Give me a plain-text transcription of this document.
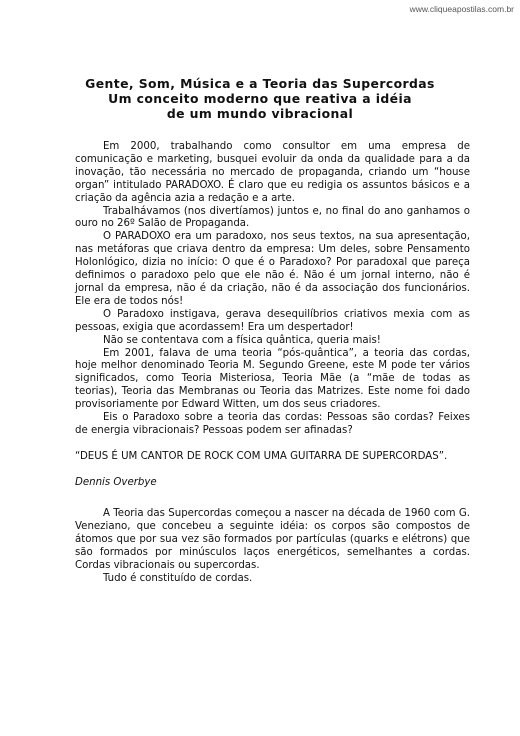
www.cliqueapostilas.com.br
Gente, Som, Música e a Teoria das Supercordas
Um conceito moderno que reativa a idéia
de um mundo vibracional

Em 2000, trabalhando como consultor em uma empresa de comunicação e marketing, busquei evoluir da onda da qualidade para a da inovação, tão necessária no mercado de propaganda, criando um “house organ” intitulado PARADOXO. É claro que eu redigia os assuntos básicos e a criação da agência azia a redação e a arte.

Trabalhávamos (nos divertíamos) juntos e, no final do ano ganhamos o ouro no 26º Salão de Propaganda.

O PARADOXO era um paradoxo, nos seus textos, na sua apresentação, nas metáforas que criava dentro da empresa: Um deles, sobre Pensamento Holonlógico, dizia no início: O que é o Paradoxo? Por paradoxal que pareça definimos o paradoxo pelo que ele não é. Não é um jornal interno, não é jornal da empresa, não é da criação, não é da associação dos funcionários. Ele era de todos nós!

O Paradoxo instigava, gerava desequilíbrios criativos mexia com as pessoas, exigia que acordassem! Era um despertador!

Não se contentava com a física quântica, queria mais!

Em 2001, falava de uma teoria “pós-quântica”, a teoria das cordas, hoje melhor denominado Teoria M. Segundo Greene, este M pode ter vários significados, como Teoria Misteriosa, Teoria Mãe (a “mãe de todas as teorias), Teoria das Membranas ou Teoria das Matrizes. Este nome foi dado provisoriamente por Edward Witten, um dos seus criadores.

Eis o Paradoxo sobre a teoria das cordas: Pessoas são cordas? Feixes de energia vibracionais? Pessoas podem ser afinadas?

“DEUS É UM CANTOR DE ROCK COM UMA GUITARRA DE SUPERCORDAS”.

Dennis Overbye

A Teoria das Supercordas começou a nascer na década de 1960 com G. Veneziano, que concebeu a seguinte idéia: os corpos são compostos de átomos que por sua vez são formados por partículas (quarks e elétrons) que são formados por minúsculos laços energéticos, semelhantes a cordas. Cordas vibracionais ou supercordas.

Tudo é constituído de cordas.
